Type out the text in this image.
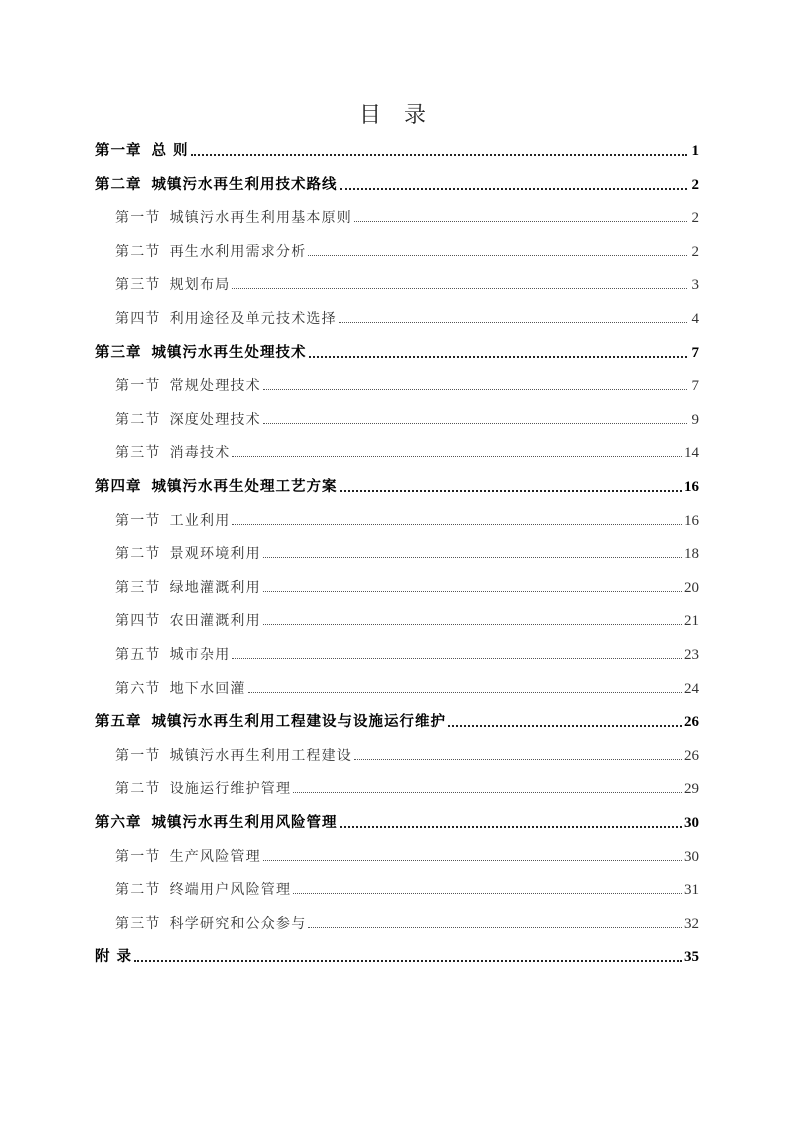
目 录
第一章 总 则	1
第二章 城镇污水再生利用技术路线	2
第一节 城镇污水再生利用基本原则	2
第二节 再生水利用需求分析	2
第三节 规划布局	3
第四节 利用途径及单元技术选择	4
第三章 城镇污水再生处理技术	7
第一节 常规处理技术	7
第二节 深度处理技术	9
第三节 消毒技术	14
第四章 城镇污水再生处理工艺方案	16
第一节 工业利用	16
第二节 景观环境利用	18
第三节 绿地灌溉利用	20
第四节 农田灌溉利用	21
第五节 城市杂用	23
第六节 地下水回灌	24
第五章 城镇污水再生利用工程建设与设施运行维护	26
第一节 城镇污水再生利用工程建设	26
第二节 设施运行维护管理	29
第六章 城镇污水再生利用风险管理	30
第一节 生产风险管理	30
第二节 终端用户风险管理	31
第三节 科学研究和公众参与	32
附 录	35
